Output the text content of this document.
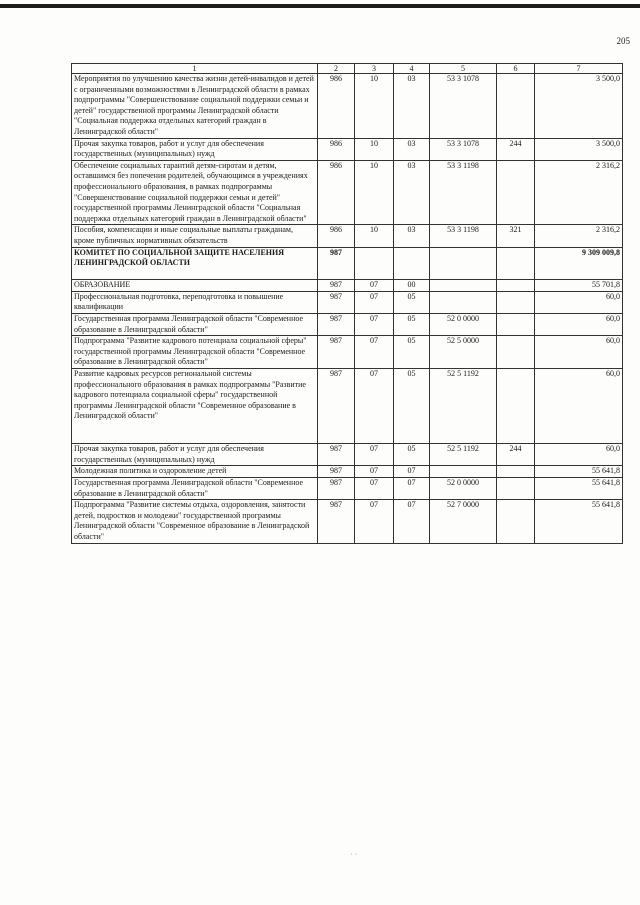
205
1	2	3	4	5	6	7
Мероприятия по улучшению качества жизни детей-инвалидов и детей с ограниченными возможностями в Ленинградской области в рамках подпрограммы "Совершенствование социальной поддержки семьи и детей" государственной программы Ленинградской области "Социальная поддержка отдельных категорий граждан в Ленинградской области"	986	10	03	53 3 1078		3 500,0
Прочая закупка товаров, работ и услуг для обеспечения государственных (муниципальных) нужд	986	10	03	53 3 1078	244	3 500,0
Обеспечение социальных гарантий детям-сиротам и детям, оставшимся без попечения родителей, обучающимся в учреждениях профессионального образования, в рамках подпрограммы "Совершенствование социальной поддержки семьи и детей" государственной программы Ленинградской области "Социальная поддержка отдельных категорий граждан в Ленинградской области"	986	10	03	53 3 1198		2 316,2
Пособия, компенсации и иные социальные выплаты гражданам, кроме публичных нормативных обязательств	986	10	03	53 3 1198	321	2 316,2
КОМИТЕТ ПО СОЦИАЛЬНОЙ ЗАЩИТЕ НАСЕЛЕНИЯ ЛЕНИНГРАДСКОЙ ОБЛАСТИ	987					9 309 009,8
ОБРАЗОВАНИЕ	987	07	00			55 701,8
Профессиональная подготовка, переподготовка и повышение квалификации	987	07	05			60,0
Государственная программа Ленинградской области "Современное образование в Ленинградской области"	987	07	05	52 0 0000		60,0
Подпрограмма "Развитие кадрового потенциала социальной сферы" государственной программы Ленинградской области "Современное образование в Ленинградской области"	987	07	05	52 5 0000		60,0
Развитие кадровых ресурсов региональной системы профессионального образования в рамках подпрограммы "Развитие кадрового потенциала социальной сферы" государственной программы Ленинградской области "Современное образование в Ленинградской области"	987	07	05	52 5 1192		60,0
Прочая закупка товаров, работ и услуг для обеспечения государственных (муниципальных) нужд	987	07	05	52 5 1192	244	60,0
Молодежная политика и оздоровление детей	987	07	07			55 641,8
Государственная программа Ленинградской области "Современное образование в Ленинградской области"	987	07	07	52 0 0000		55 641,8
Подпрограмма "Развитие системы отдыха, оздоровления, занятости детей, подростков и молодежи" государственной программы Ленинградской области "Современное образование в Ленинградской области"	987	07	07	52 7 0000		55 641,8
· ·
